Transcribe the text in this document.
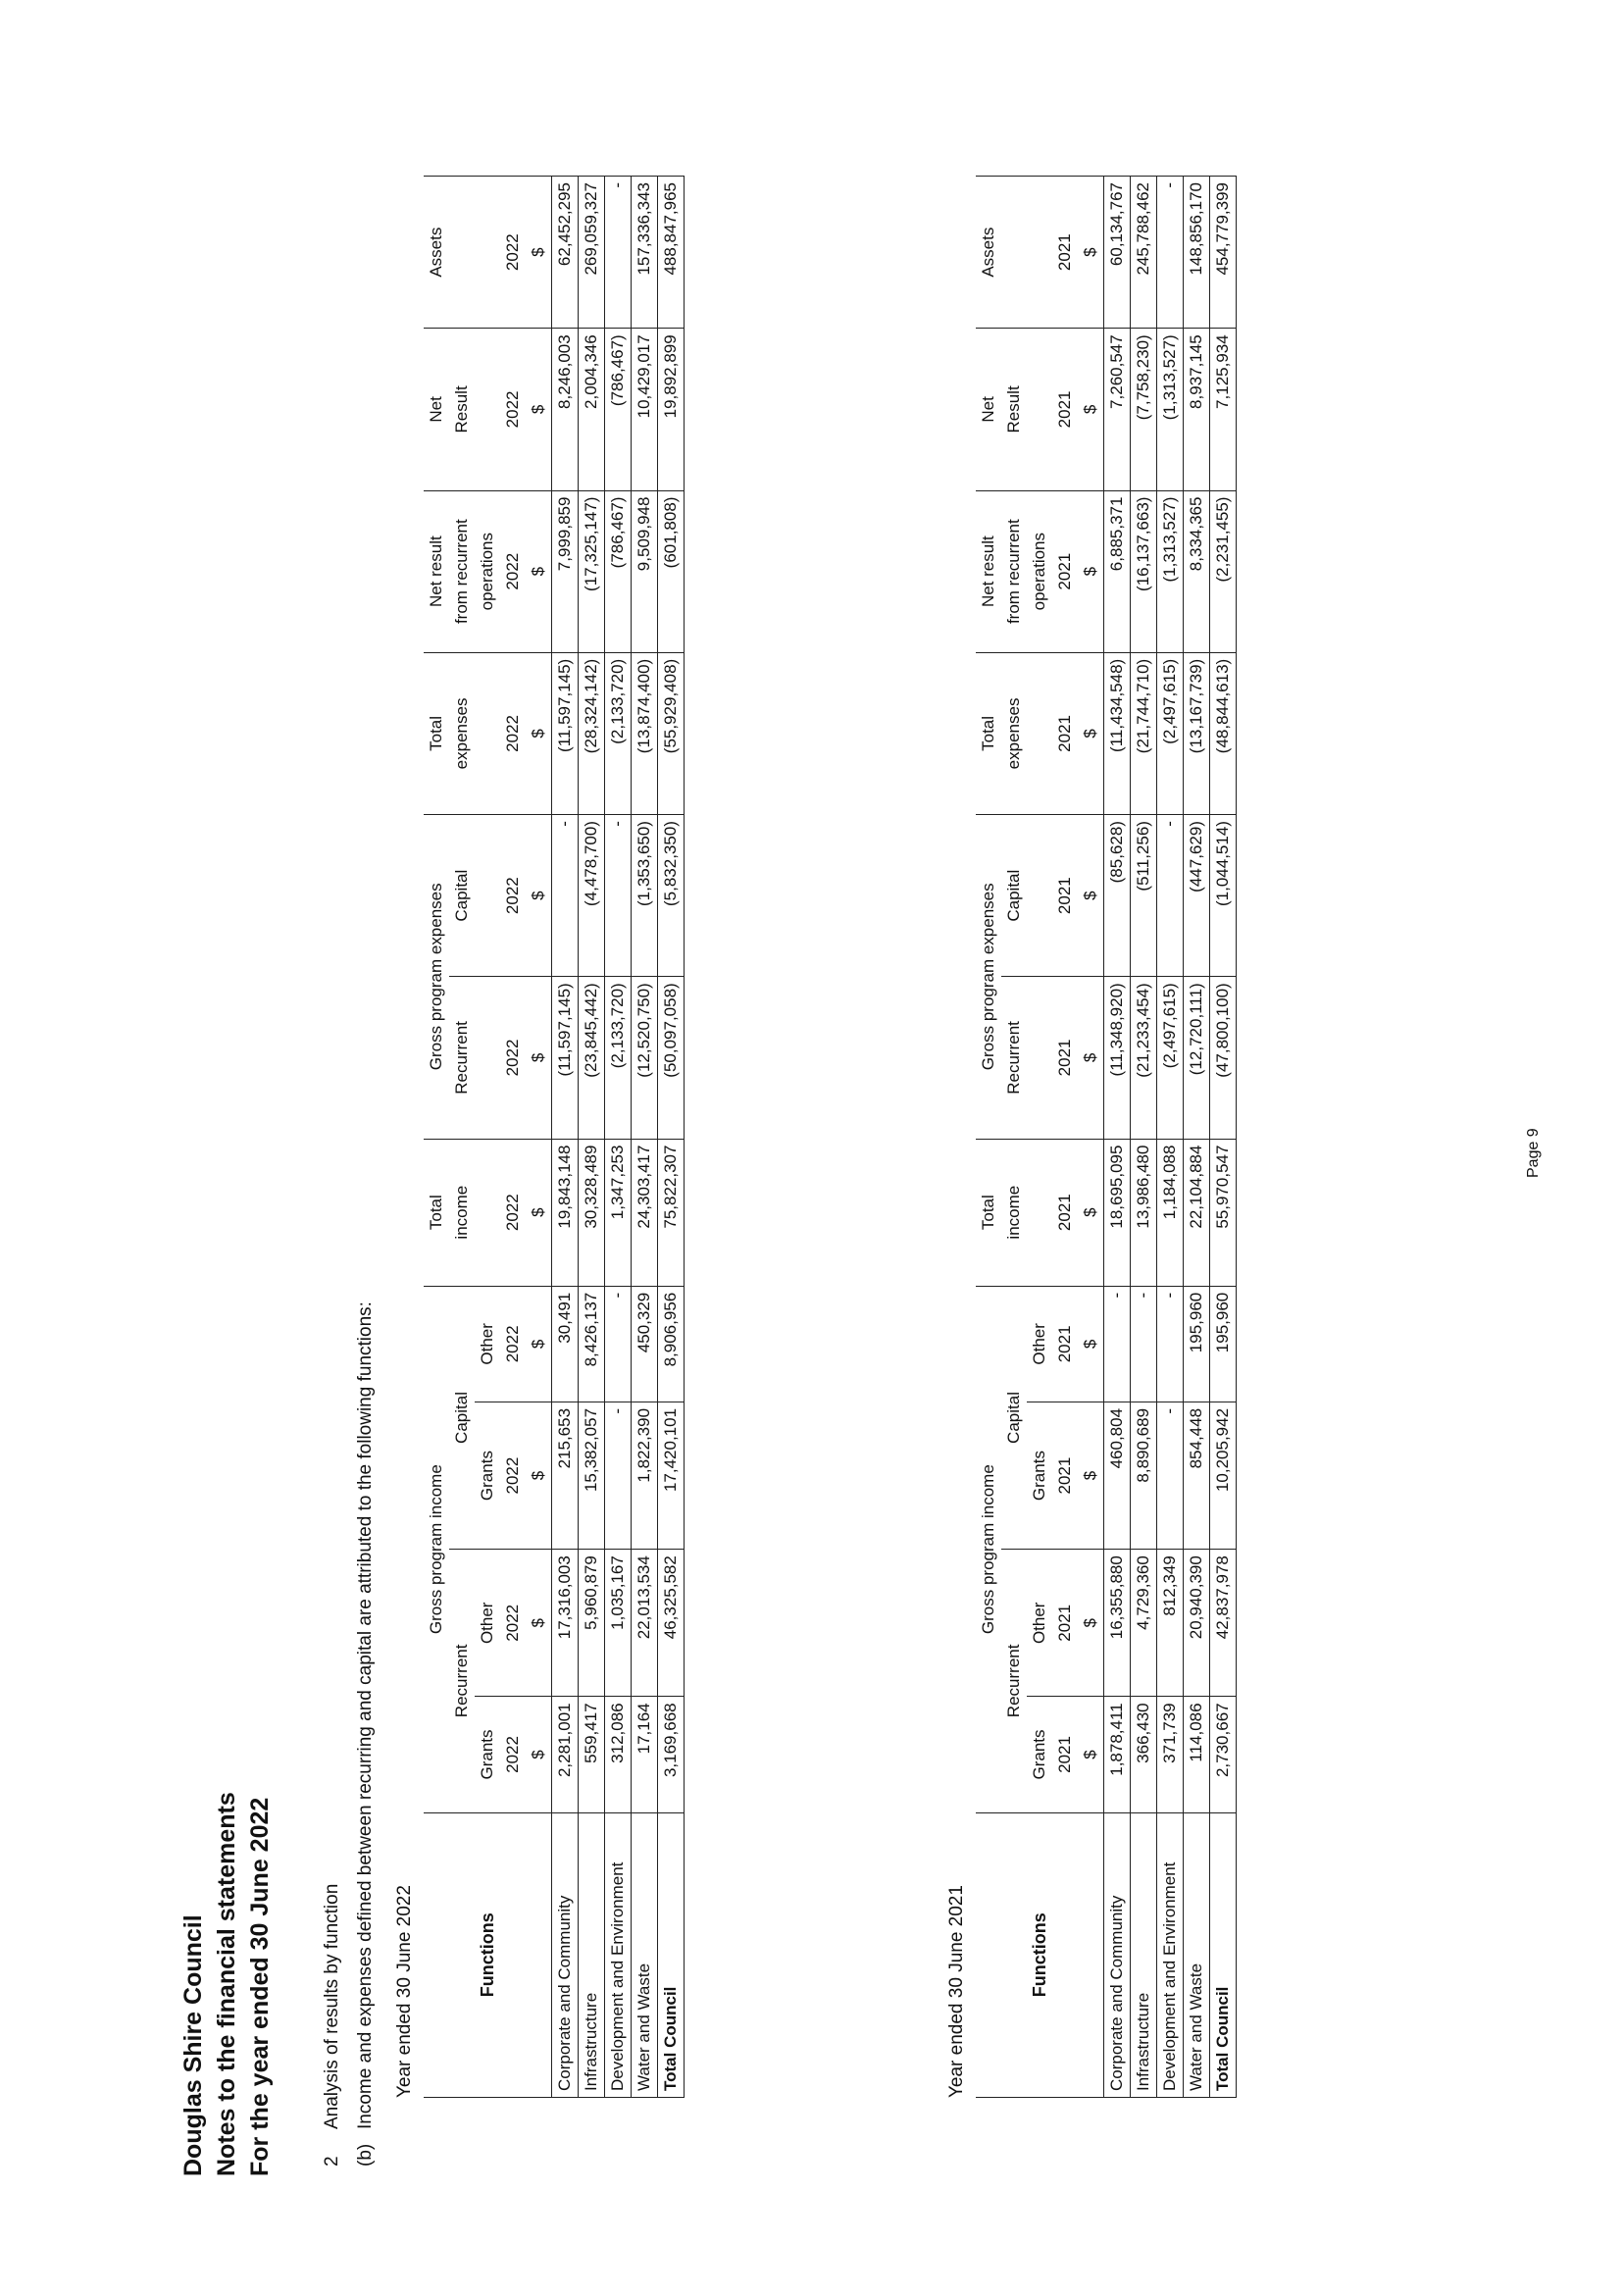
Douglas Shire Council Notes to the financial statements For the year ended 30 June 2022	2Analysis of results by function
(b)Income and expenses defined between recurring and capital are attributed to the following functions:	Year ended 30 June 2022	Functions	Gross program income				Total	Gross program expenses		Total	Net result	Net	Assets
	Recurrent		Capital		income	Recurrent	Capital	expenses	from recurrent	Result	
	Grants	Other	Grants	Other					operations		
	2022	2022	2022	2022	2022	2022	2022	2022	2022	2022	2022
	$	$	$	$	$	$	$	$	$	$	$
Corporate and Community	2,281,001	17,316,003	215,653	30,491	19,843,148	(11,597,145)	-	(11,597,145)	7,999,859	8,246,003	62,452,295
Infrastructure	559,417	5,960,879	15,382,057	8,426,137	30,328,489	(23,845,442)	(4,478,700)	(28,324,142)	(17,325,147)	2,004,346	269,059,327
Development and Environment	312,086	1,035,167	-	-	1,347,253	(2,133,720)	-	(2,133,720)	(786,467)	(786,467)	-
Water and Waste	17,164	22,013,534	1,822,390	450,329	24,303,417	(12,520,750)	(1,353,650)	(13,874,400)	9,509,948	10,429,017	157,336,343
Total Council	3,169,668	46,325,582	17,420,101	8,906,956	75,822,307	(50,097,058)	(5,832,350)	(55,929,408)	(601,808)	19,892,899	488,847,965
Year ended 30 June 2021	Functions	Gross program income				Total	Gross program expenses		Total	Net result	Net	Assets
	Recurrent		Capital		income	Recurrent	Capital	expenses	from recurrent	Result	
	Grants	Other	Grants	Other					operations		
	2021	2021	2021	2021	2021	2021	2021	2021	2021	2021	2021
	$	$	$	$	$	$	$	$	$	$	$
Corporate and Community	1,878,411	16,355,880	460,804	-	18,695,095	(11,348,920)	(85,628)	(11,434,548)	6,885,371	7,260,547	60,134,767
Infrastructure	366,430	4,729,360	8,890,689	-	13,986,480	(21,233,454)	(511,256)	(21,744,710)	(16,137,663)	(7,758,230)	245,788,462
Development and Environment	371,739	812,349	-	-	1,184,088	(2,497,615)	-	(2,497,615)	(1,313,527)	(1,313,527)	-
Water and Waste	114,086	20,940,390	854,448	195,960	22,104,884	(12,720,111)	(447,629)	(13,167,739)	8,334,365	8,937,145	148,856,170
Total Council	2,730,667	42,837,978	10,205,942	195,960	55,970,547	(47,800,100)	(1,044,514)	(48,844,613)	(2,231,455)	7,125,934	454,779,399
Page 9
